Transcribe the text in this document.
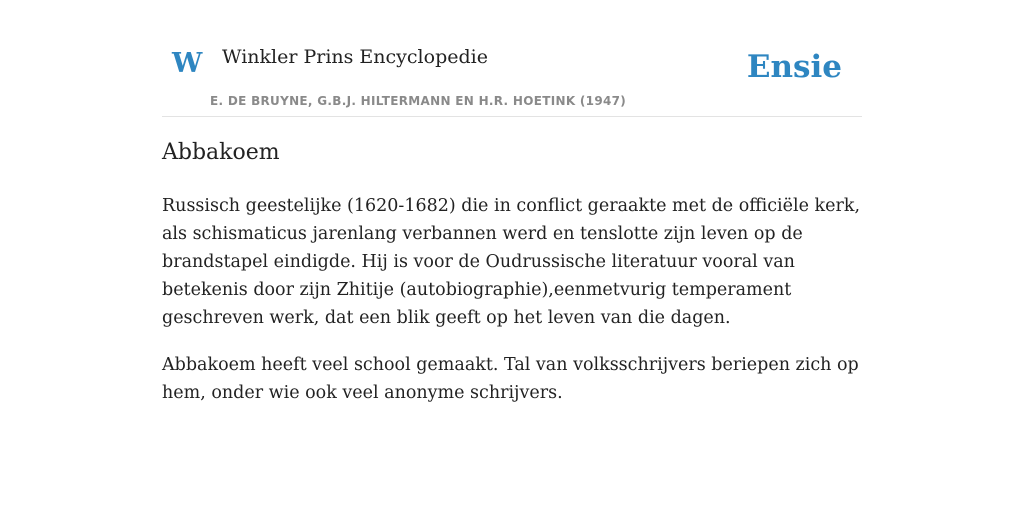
W Winkler Prins Encyclopedie
E. DE BRUYNE, G.B.J. HILTERMANN EN H.R. HOETINK (1947)
Ensie
Abbakoem

Russisch geestelijke (1620-1682) die in conflict geraakte met de officiële kerk, als schismaticus jarenlang verbannen werd en tenslotte zijn leven op de brandstapel eindigde. Hij is voor de Oudrussische literatuur vooral van betekenis door zijn Zhitije (autobiographie),eenmetvurig temperament geschreven werk, dat een blik geeft op het leven van die dagen.

Abbakoem heeft veel school gemaakt. Tal van volksschrijvers beriepen zich op hem, onder wie ook veel anonyme schrijvers.
